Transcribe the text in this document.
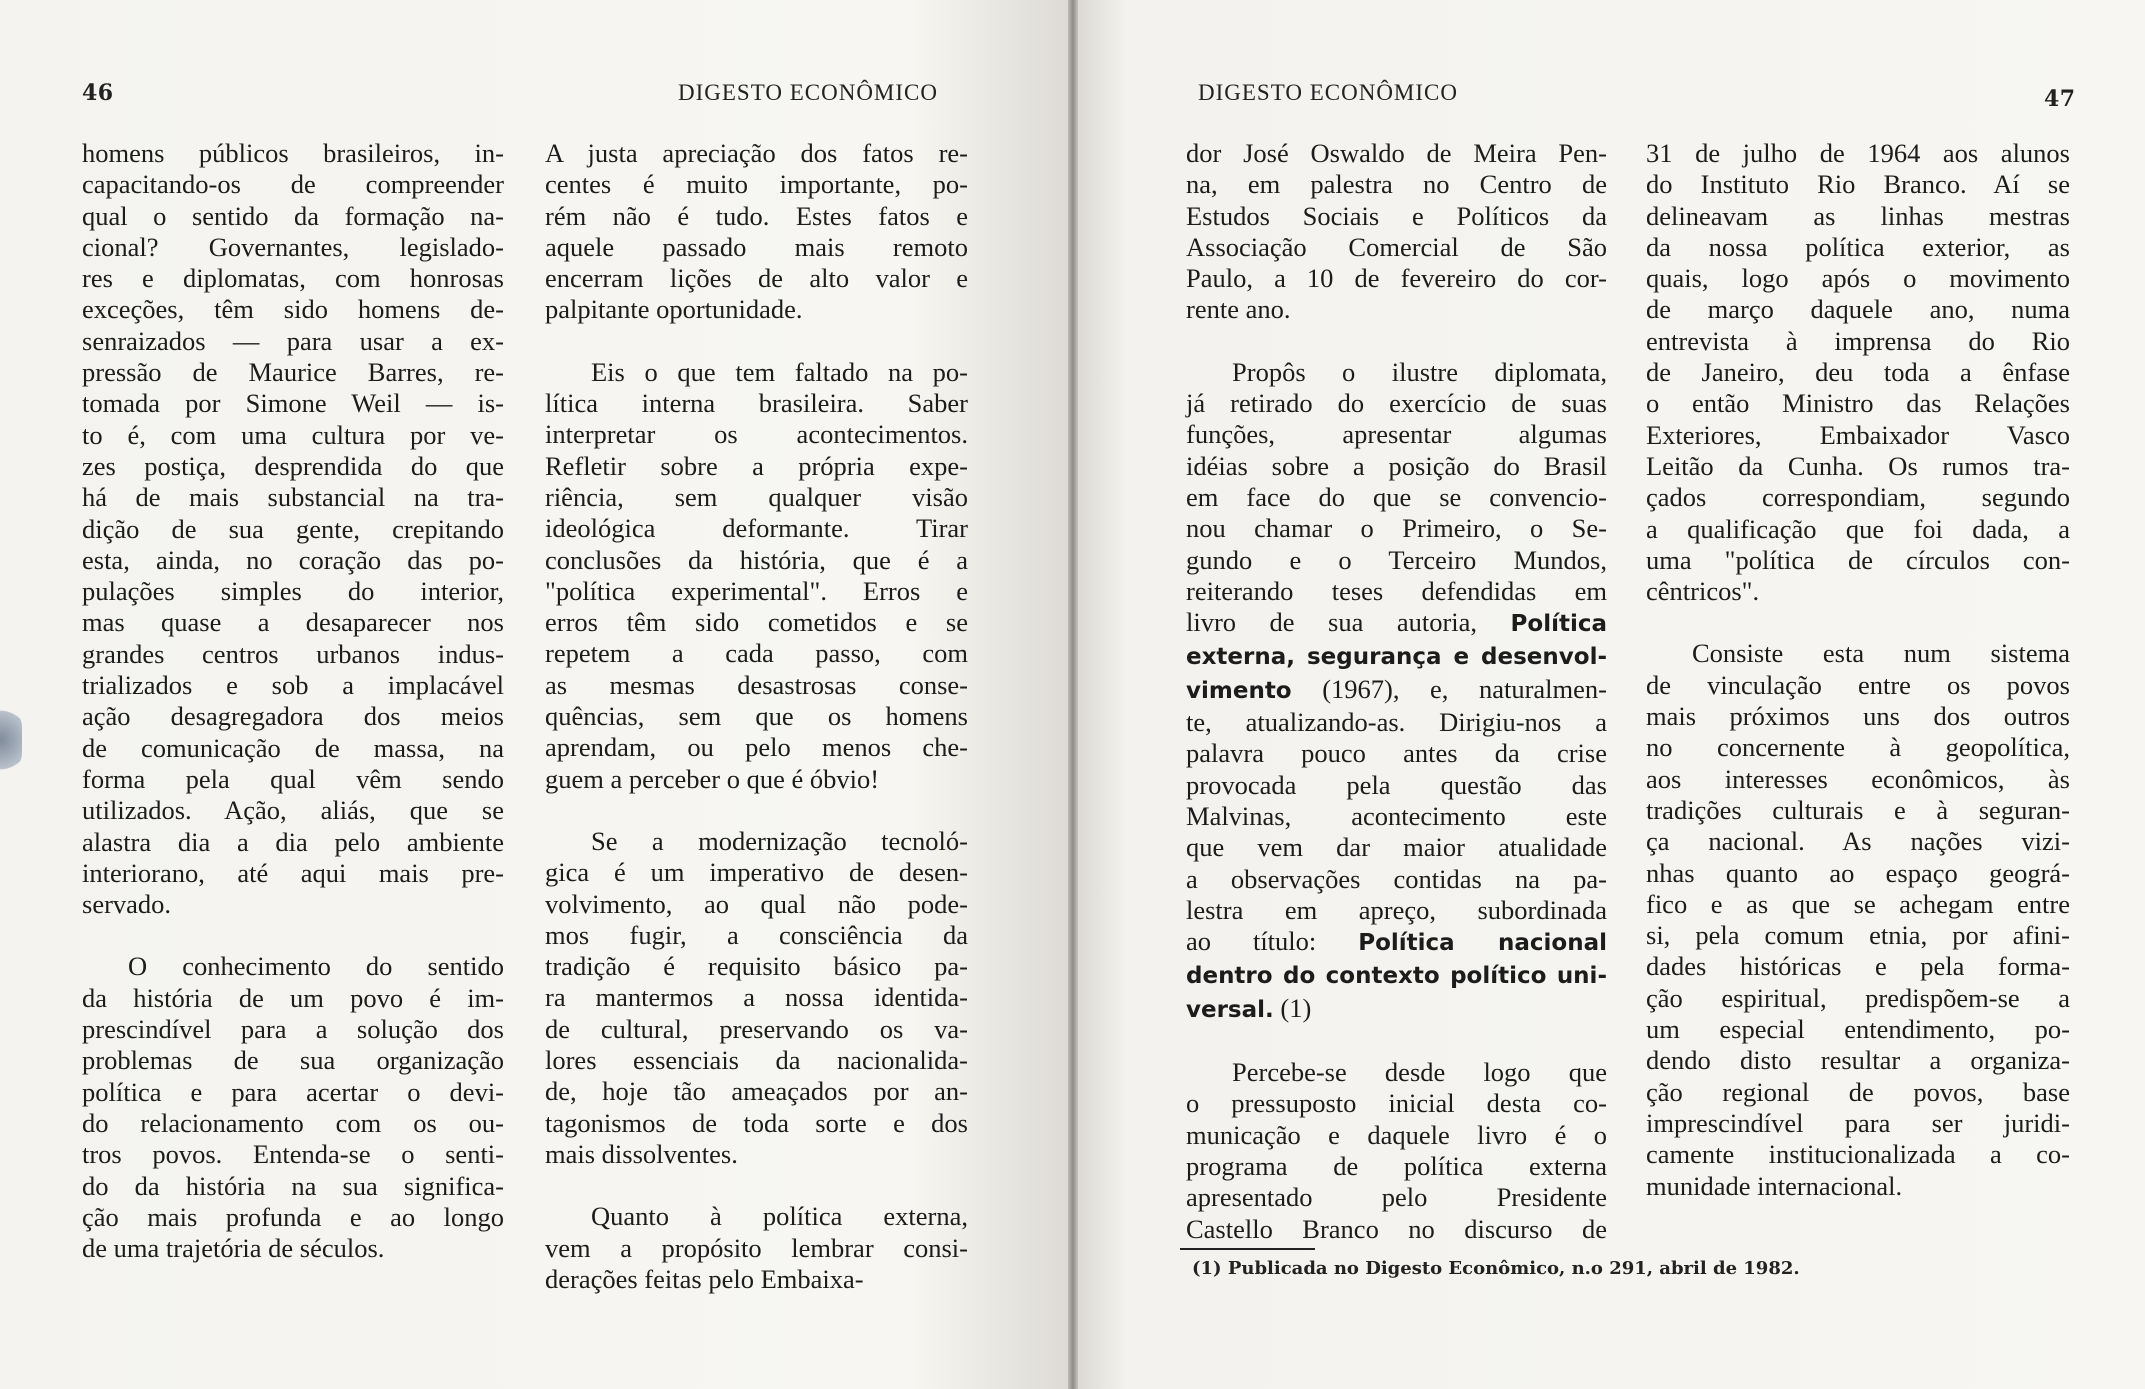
46	DIGESTO ECONÔMICO	DIGESTO ECONÔMICO	47
homens públicos brasileiros, in-
capacitando-os de compreender
qual o sentido da formação na-
cional? Governantes, legislado-
res e diplomatas, com honrosas
exceções, têm sido homens de-
senraizados — para usar a ex-
pressão de Maurice Barres, re-
tomada por Simone Weil — is-
to é, com uma cultura por ve-
zes postiça, desprendida do que
há de mais substancial na tra-
dição de sua gente, crepitando
esta, ainda, no coração das po-
pulações simples do interior,
mas quase a desaparecer nos
grandes centros urbanos indus-
trializados e sob a implacável
ação desagregadora dos meios
de comunicação de massa, na
forma pela qual vêm sendo
utilizados. Ação, aliás, que se
alastra dia a dia pelo ambiente
interiorano, até aqui mais pre-
servado.
O conhecimento do sentido
da história de um povo é im-
prescindível para a solução dos
problemas de sua organização
política e para acertar o devi-
do relacionamento com os ou-
tros povos. Entenda-se o senti-
do da história na sua significa-
ção mais profunda e ao longo
de uma trajetória de séculos.
A justa apreciação dos fatos re-
centes é muito importante, po-
rém não é tudo. Estes fatos e
aquele passado mais remoto
encerram lições de alto valor e
palpitante oportunidade.
Eis o que tem faltado na po-
lítica interna brasileira. Saber
interpretar os acontecimentos.
Refletir sobre a própria expe-
riência, sem qualquer visão
ideológica deformante. Tirar
conclusões da história, que é a
"política experimental". Erros e
erros têm sido cometidos e se
repetem a cada passo, com
as mesmas desastrosas conse-
quências, sem que os homens
aprendam, ou pelo menos che-
guem a perceber o que é óbvio!
Se a modernização tecnoló-
gica é um imperativo de desen-
volvimento, ao qual não pode-
mos fugir, a consciência da
tradição é requisito básico pa-
ra mantermos a nossa identida-
de cultural, preservando os va-
lores essenciais da nacionalida-
de, hoje tão ameaçados por an-
tagonismos de toda sorte e dos
mais dissolventes.
Quanto à política externa,
vem a propósito lembrar consi-
derações feitas pelo Embaixa-
dor José Oswaldo de Meira Pen-
na, em palestra no Centro de
Estudos Sociais e Políticos da
Associação Comercial de São
Paulo, a 10 de fevereiro do cor-
rente ano.
Propôs o ilustre diplomata,
já retirado do exercício de suas
funções, apresentar algumas
idéias sobre a posição do Brasil
em face do que se convencio-
nou chamar o Primeiro, o Se-
gundo e o Terceiro Mundos,
reiterando teses defendidas em
livro de sua autoria, Política
externa, segurança e desenvol-
vimento (1967), e, naturalmen-
te, atualizando-as. Dirigiu-nos a
palavra pouco antes da crise
provocada pela questão das
Malvinas, acontecimento este
que vem dar maior atualidade
a observações contidas na pa-
lestra em apreço, subordinada
ao título: Política nacional
dentro do contexto político uni-
versal. (1)
Percebe-se desde logo que
o pressuposto inicial desta co-
municação e daquele livro é o
programa de política externa
apresentado pelo Presidente
Castello Branco no discurso de
31 de julho de 1964 aos alunos
do Instituto Rio Branco. Aí se
delineavam as linhas mestras
da nossa política exterior, as
quais, logo após o movimento
de março daquele ano, numa
entrevista à imprensa do Rio
de Janeiro, deu toda a ênfase
o então Ministro das Relações
Exteriores, Embaixador Vasco
Leitão da Cunha. Os rumos tra-
çados correspondiam, segundo
a qualificação que foi dada, a
uma "política de círculos con-
cêntricos".
Consiste esta num sistema
de vinculação entre os povos
mais próximos uns dos outros
no concernente à geopolítica,
aos interesses econômicos, às
tradições culturais e à seguran-
ça nacional. As nações vizi-
nhas quanto ao espaço geográ-
fico e as que se achegam entre
si, pela comum etnia, por afini-
dades históricas e pela forma-
ção espiritual, predispõem-se a
um especial entendimento, po-
dendo disto resultar a organiza-
ção regional de povos, base
imprescindível para ser juridi-
camente institucionalizada a co-
munidade internacional.
(1) Publicada no Digesto Econômico, n.o 291, abril de 1982.
